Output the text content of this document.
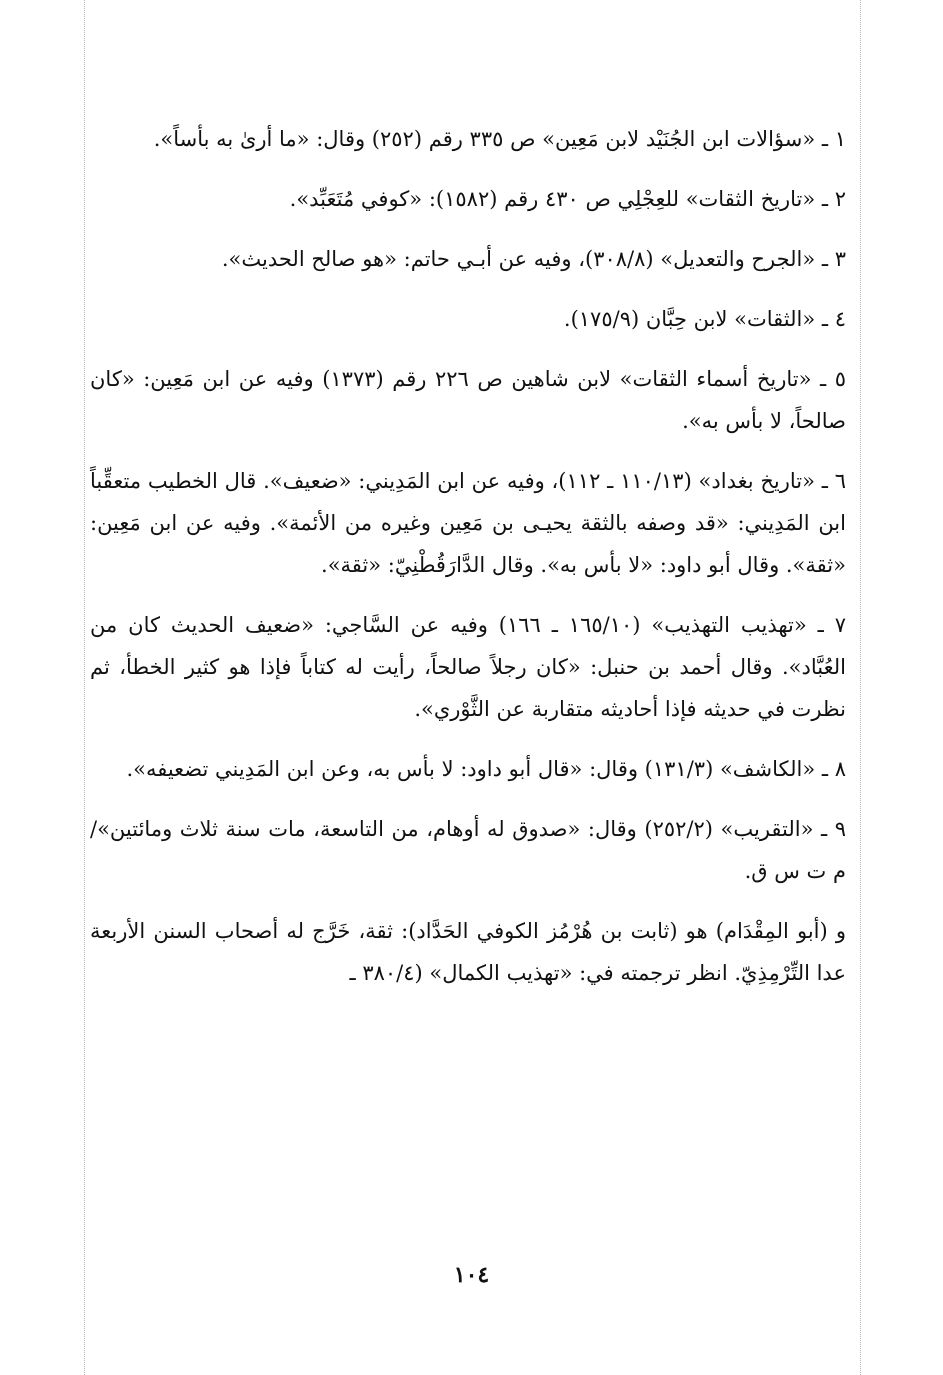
١ ـ «سؤالات ابن الجُنَيْد لابن مَعِين» ص ٣٣٥ رقم (٢٥٢) وقال: «ما أرىٰ به بأساً».

٢ ـ «تاريخ الثقات» للعِجْلِي ص ٤٣٠ رقم (١٥٨٢): «كوفي مُتَعَبِّد».

٣ ـ «الجرح والتعديل» (٣٠٨/٨)، وفيه عن أبـي حاتم: «هو صالح الحديث».

٤ ـ «الثقات» لابن حِبَّان (١٧٥/٩).

٥ ـ «تاريخ أسماء الثقات» لابن شاهين ص ٢٢٦ رقم (١٣٧٣) وفيه عن ابن مَعِين: «كان صالحاً، لا بأس به».

٦ ـ «تاريخ بغداد» (١١٠/١٣ ـ ١١٢)، وفيه عن ابن المَدِيني: «ضعيف». قال الخطيب متعقِّباً ابن المَدِيني: «قد وصفه بالثقة يحيـى بن مَعِين وغيره من الأئمة». وفيه عن ابن مَعِين: «ثقة». وقال أبو داود: «لا بأس به». وقال الدَّارَقُطْنِيّ: «ثقة».

٧ ـ «تهذيب التهذيب» (١٦٥/١٠ ـ ١٦٦) وفيه عن السَّاجي: «ضعيف الحديث كان من العُبَّاد». وقال أحمد بن حنبل: «كان رجلاً صالحاً، رأيت له كتاباً فإذا هو كثير الخطأ، ثم نظرت في حديثه فإذا أحاديثه متقاربة عن الثَّوْري».

٨ ـ «الكاشف» (١٣١/٣) وقال: «قال أبو داود: لا بأس به، وعن ابن المَدِيني تضعيفه».

٩ ـ «التقريب» (٢٥٢/٢) وقال: «صدوق له أوهام، من التاسعة، مات سنة ثلاث ومائتين»/ م ت س ق.

و (أبو المِقْدَام) هو (ثابت بن هُرْمُز الكوفي الحَدَّاد): ثقة، خَرَّج له أصحاب السنن الأربعة عدا التِّرْمِذِيّ. انظر ترجمته في: «تهذيب الكمال» (٣٨٠/٤ ـ

١٠٤
